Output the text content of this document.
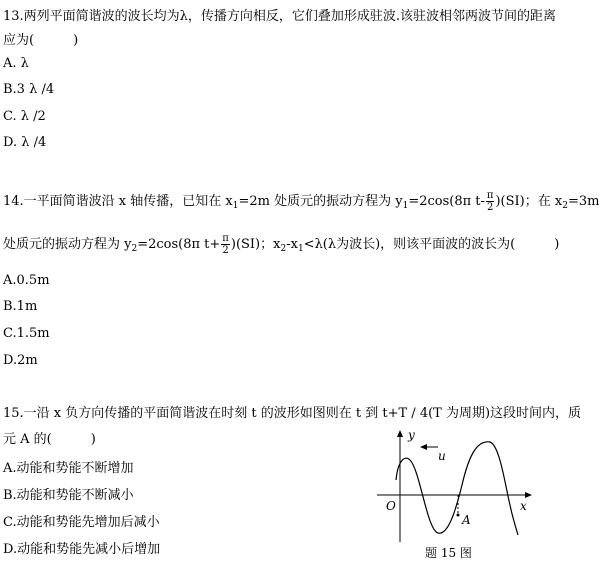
13.两列平面简谐波的波长均为λ，传播方向相反，它们叠加形成驻波.该驻波相邻两波节间的距离
应为(　　　)
A. λ
B.3 λ /4
C. λ /2
D. λ /4
14.一平面简谐波沿 x 轴传播，已知在 $x_1=2m$ 处质元的振动方程为 $y_1=2\cos(8\pi$ $t- \frac{\pi}{2} )(SI)$；在 $x_2=3m$
处质元的振动方程为 $y_2=2\cos(8\pi$ $t+ \frac{\pi}{2} )(SI)$；$x_2-x_1<\lambda(\lambda$为波长)，则该平面波的波长为(　　　)
A.0.5m
B.1m
C.1.5m
D.2m
15.一沿 x 负方向传播的平面简谐波在时刻 t 的波形如图则在 t 到 t+T / 4(T 为周期)这段时间内，质
元 A 的(　　　)
A.动能和势能不断增加
B.动能和势能不断减小
C.动能和势能先增加后减小
D.动能和势能先减小后增加
y
x
O
A
u
题 15 图
